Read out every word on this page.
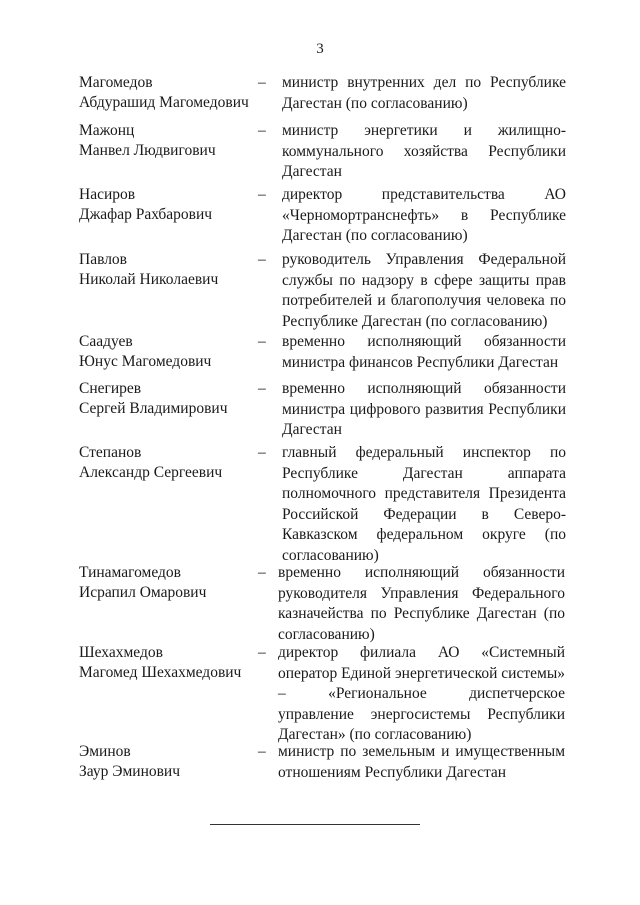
3
Магомедов
Абдурашид Магомедович
– министр внутренних дел по Республике Дагестан (по согласованию)
Мажонц
Манвел Людвигович
– министр энергетики и жилищно-коммунального хозяйства Республики Дагестан
Насиров
Джафар Рахбарович
– директор представительства АО «Черномортранснефть» в Республике Дагестан (по согласованию)
Павлов
Николай Николаевич
– руководитель Управления Федеральной службы по надзору в сфере защиты прав потребителей и благополучия человека по Республике Дагестан (по согласованию)
Саадуев
Юнус Магомедович
– временно исполняющий обязанности министра финансов Республики Дагестан
Снегирев
Сергей Владимирович
– временно исполняющий обязанности министра цифрового развития Республики Дагестан
Степанов
Александр Сергеевич
– главный федеральный инспектор по Республике Дагестан аппарата полномочного представителя Президента Российской Федерации в Северо-Кавказском федеральном округе (по согласованию)
Тинамагомедов
Исрапил Омарович
– временно исполняющий обязанности руководителя Управления Федерального казначейства по Республике Дагестан (по согласованию)
Шехахмедов
Магомед Шехахмедович
– директор филиала АО «Системный оператор Единой энергетической системы» – «Региональное диспетчерское управление энергосистемы Республики Дагестан» (по согласованию)
Эминов
Заур Эминович
– министр по земельным и имущественным отношениям Республики Дагестан
